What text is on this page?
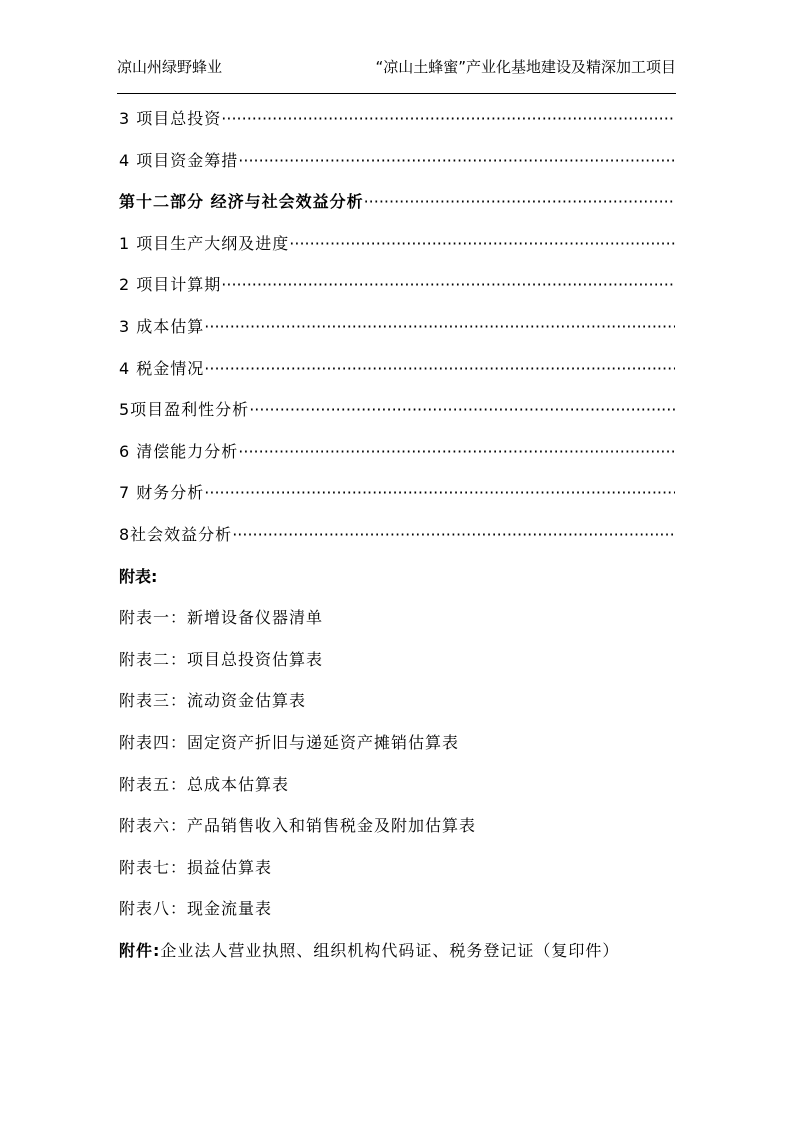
凉山州绿野蜂业	“凉山土蜂蜜”产业化基地建设及精深加工项目
3 项目总投资
·····
4 项目资金筹措
·····
第十二部分 经济与社会效益分析
·····
1 项目生产大纲及进度
·····
2 项目计算期
·····
3 成本估算
·····
4 税金情况
·····
5项目盈利性分析
·····
6 清偿能力分析
·····
7 财务分析
·····
8社会效益分析
·····
附表:
附表一：新增设备仪器清单
附表二：项目总投资估算表
附表三：流动资金估算表
附表四：固定资产折旧与递延资产摊销估算表
附表五：总成本估算表
附表六：产品销售收入和销售税金及附加估算表
附表七：损益估算表
附表八：现金流量表
附件:企业法人营业执照、组织机构代码证、税务登记证（复印件）
